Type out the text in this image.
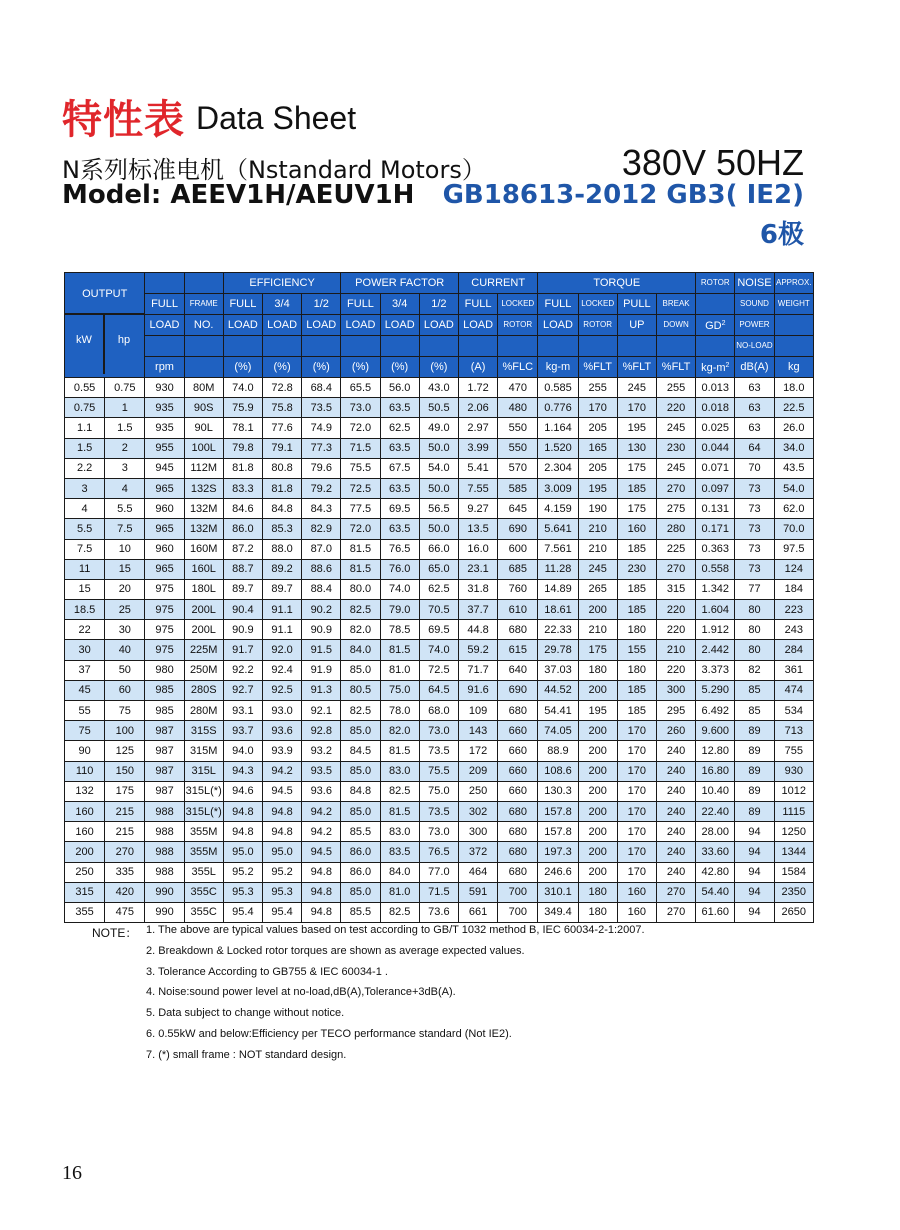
特性表 Data Sheet
N系列标准电机（Nstandard Motors）
Model: AEEV1H/AEUV1H
380V 50HZ
GB18613-2012 GB3( IE2)
6极
OUTPUT				EFFICIENCY			POWER FACTOR			CURRENT		TORQUE				ROTOR	NOISE	APPROX.
		FULL	FRAME	FULL	3/4	1/2	FULL	3/4	1/2	FULL	LOCKED	FULL	LOCKED	PULL	BREAK		SOUND	WEIGHT
		LOAD	NO.	LOAD	LOAD	LOAD	LOAD	LOAD	LOAD	LOAD	ROTOR	LOAD	ROTOR	UP	DOWN	$GD^2$	POWER	
																	NO-LOAD	
		rpm		(%)	(%)	(%)	(%)	(%)	(%)	(A)	%FLC	kg-m	%FLT	%FLT	%FLT	$kg-m^2$	dB(A)	kg
0.55	0.75	930	80M	74.0	72.8	68.4	65.5	56.0	43.0	1.72	470	0.585	255	245	255	0.013	63	18.0
0.75	1	935	90S	75.9	75.8	73.5	73.0	63.5	50.5	2.06	480	0.776	170	170	220	0.018	63	22.5
1.1	1.5	935	90L	78.1	77.6	74.9	72.0	62.5	49.0	2.97	550	1.164	205	195	245	0.025	63	26.0
1.5	2	955	100L	79.8	79.1	77.3	71.5	63.5	50.0	3.99	550	1.520	165	130	230	0.044	64	34.0
2.2	3	945	112M	81.8	80.8	79.6	75.5	67.5	54.0	5.41	570	2.304	205	175	245	0.071	70	43.5
3	4	965	132S	83.3	81.8	79.2	72.5	63.5	50.0	7.55	585	3.009	195	185	270	0.097	73	54.0
4	5.5	960	132M	84.6	84.8	84.3	77.5	69.5	56.5	9.27	645	4.159	190	175	275	0.131	73	62.0
5.5	7.5	965	132M	86.0	85.3	82.9	72.0	63.5	50.0	13.5	690	5.641	210	160	280	0.171	73	70.0
7.5	10	960	160M	87.2	88.0	87.0	81.5	76.5	66.0	16.0	600	7.561	210	185	225	0.363	73	97.5
11	15	965	160L	88.7	89.2	88.6	81.5	76.0	65.0	23.1	685	11.28	245	230	270	0.558	73	124
15	20	975	180L	89.7	89.7	88.4	80.0	74.0	62.5	31.8	760	14.89	265	185	315	1.342	77	184
18.5	25	975	200L	90.4	91.1	90.2	82.5	79.0	70.5	37.7	610	18.61	200	185	220	1.604	80	223
22	30	975	200L	90.9	91.1	90.9	82.0	78.5	69.5	44.8	680	22.33	210	180	220	1.912	80	243
30	40	975	225M	91.7	92.0	91.5	84.0	81.5	74.0	59.2	615	29.78	175	155	210	2.442	80	284
37	50	980	250M	92.2	92.4	91.9	85.0	81.0	72.5	71.7	640	37.03	180	180	220	3.373	82	361
45	60	985	280S	92.7	92.5	91.3	80.5	75.0	64.5	91.6	690	44.52	200	185	300	5.290	85	474
55	75	985	280M	93.1	93.0	92.1	82.5	78.0	68.0	109	680	54.41	195	185	295	6.492	85	534
75	100	987	315S	93.7	93.6	92.8	85.0	82.0	73.0	143	660	74.05	200	170	260	9.600	89	713
90	125	987	315M	94.0	93.9	93.2	84.5	81.5	73.5	172	660	88.9	200	170	240	12.80	89	755
110	150	987	315L	94.3	94.2	93.5	85.0	83.0	75.5	209	660	108.6	200	170	240	16.80	89	930
132	175	987	315L(*)	94.6	94.5	93.6	84.8	82.5	75.0	250	660	130.3	200	170	240	10.40	89	1012
160	215	988	315L(*)	94.8	94.8	94.2	85.0	81.5	73.5	302	680	157.8	200	170	240	22.40	89	1115
160	215	988	355M	94.8	94.8	94.2	85.5	83.0	73.0	300	680	157.8	200	170	240	28.00	94	1250
200	270	988	355M	95.0	95.0	94.5	86.0	83.5	76.5	372	680	197.3	200	170	240	33.60	94	1344
250	335	988	355L	95.2	95.2	94.8	86.0	84.0	77.0	464	680	246.6	200	170	240	42.80	94	1584
315	420	990	355C	95.3	95.3	94.8	85.0	81.0	71.5	591	700	310.1	180	160	270	54.40	94	2350
355	475	990	355C	95.4	95.4	94.8	85.5	82.5	73.6	661	700	349.4	180	160	270	61.60	94	2650
kW	hp
NOTE： 1. The above are typical values based on test according to GB/T 1032 method B, IEC 60034-2-1:2007.
2. Breakdown & Locked rotor torques are shown as average expected values.
3. Tolerance According to GB755 & IEC 60034-1 .
4. Noise:sound power level at no-load,dB(A),Tolerance+3dB(A).
5. Data subject to change without notice.
6. 0.55kW and below:Efficiency per TECO performance standard (Not IE2).
7. (*) small frame : NOT standard design.
16
